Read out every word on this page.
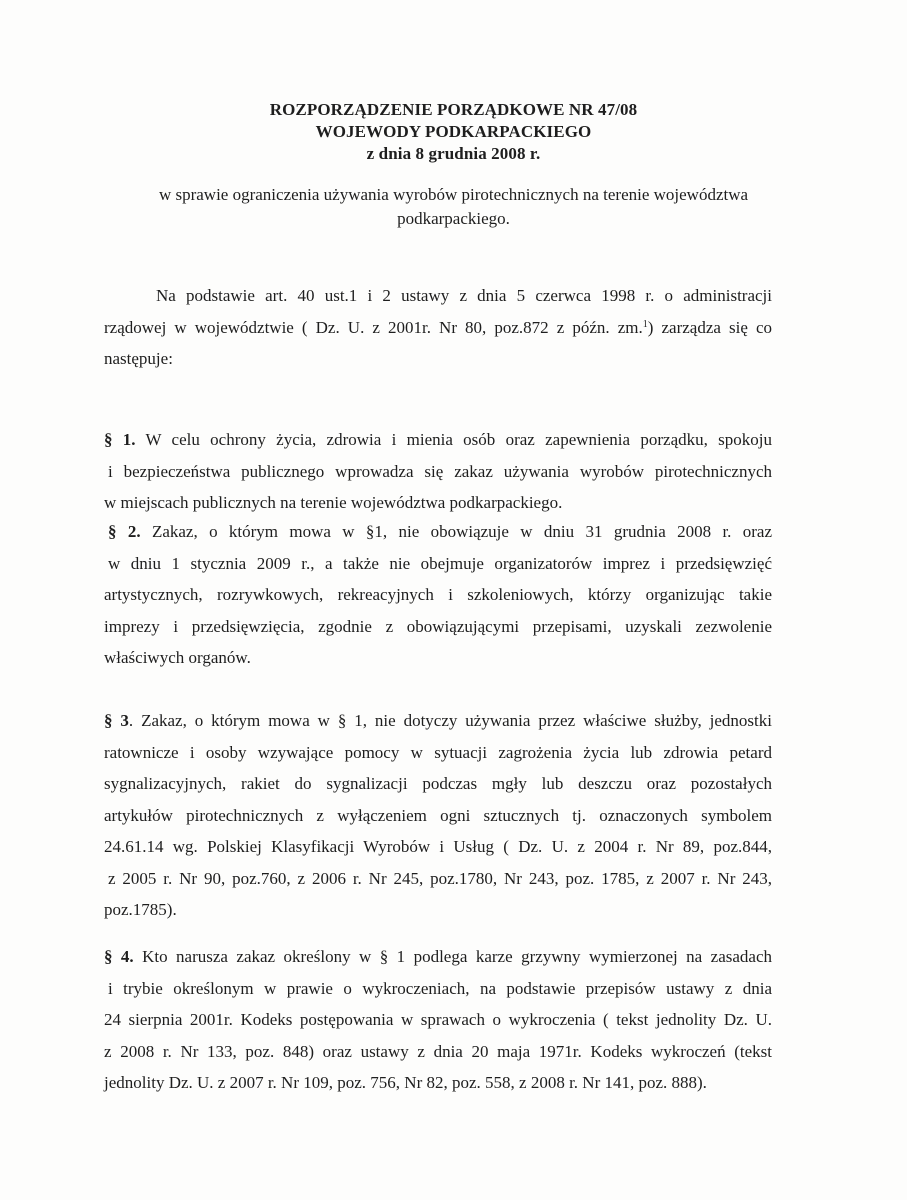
ROZPORZĄDZENIE PORZĄDKOWE NR 47/08
WOJEWODY PODKARPACKIEGO
z dnia 8 grudnia 2008 r.
w sprawie ograniczenia używania wyrobów pirotechnicznych na terenie województwa
podkarpackiego.
Na podstawie art. 40 ust.1 i 2 ustawy z dnia 5 czerwca 1998 r. o administracji
rządowej w województwie ( Dz. U. z 2001r. Nr 80, poz.872 z późn. zm.$^1$) zarządza się co
następuje:
§ 1. W celu ochrony życia, zdrowia i mienia osób oraz zapewnienia porządku, spokoju
i bezpieczeństwa publicznego wprowadza się zakaz używania wyrobów pirotechnicznych
w miejscach publicznych na terenie województwa podkarpackiego.
§ 2. Zakaz, o którym mowa w §1, nie obowiązuje w dniu 31 grudnia 2008 r. oraz
w dniu 1 stycznia 2009 r., a także nie obejmuje organizatorów imprez i przedsięwzięć
artystycznych, rozrywkowych, rekreacyjnych i szkoleniowych, którzy organizując takie
imprezy i przedsięwzięcia, zgodnie z obowiązującymi przepisami, uzyskali zezwolenie
właściwych organów.
§ 3. Zakaz, o którym mowa w § 1, nie dotyczy używania przez właściwe służby, jednostki
ratownicze i osoby wzywające pomocy w sytuacji zagrożenia życia lub zdrowia petard
sygnalizacyjnych, rakiet do sygnalizacji podczas mgły lub deszczu oraz pozostałych
artykułów pirotechnicznych z wyłączeniem ogni sztucznych tj. oznaczonych symbolem
24.61.14 wg. Polskiej Klasyfikacji Wyrobów i Usług ( Dz. U. z 2004 r. Nr 89, poz.844,
z 2005 r. Nr 90, poz.760, z 2006 r. Nr 245, poz.1780, Nr 243, poz. 1785, z 2007 r. Nr 243,
poz.1785).
§ 4. Kto narusza zakaz określony w § 1 podlega karze grzywny wymierzonej na zasadach
i trybie określonym w prawie o wykroczeniach, na podstawie przepisów ustawy z dnia
24 sierpnia 2001r. Kodeks postępowania w sprawach o wykroczenia ( tekst jednolity Dz. U.
z 2008 r. Nr 133, poz. 848) oraz ustawy z dnia 20 maja 1971r. Kodeks wykroczeń (tekst
jednolity Dz. U. z 2007 r. Nr 109, poz. 756, Nr 82, poz. 558, z 2008 r. Nr 141, poz. 888).
